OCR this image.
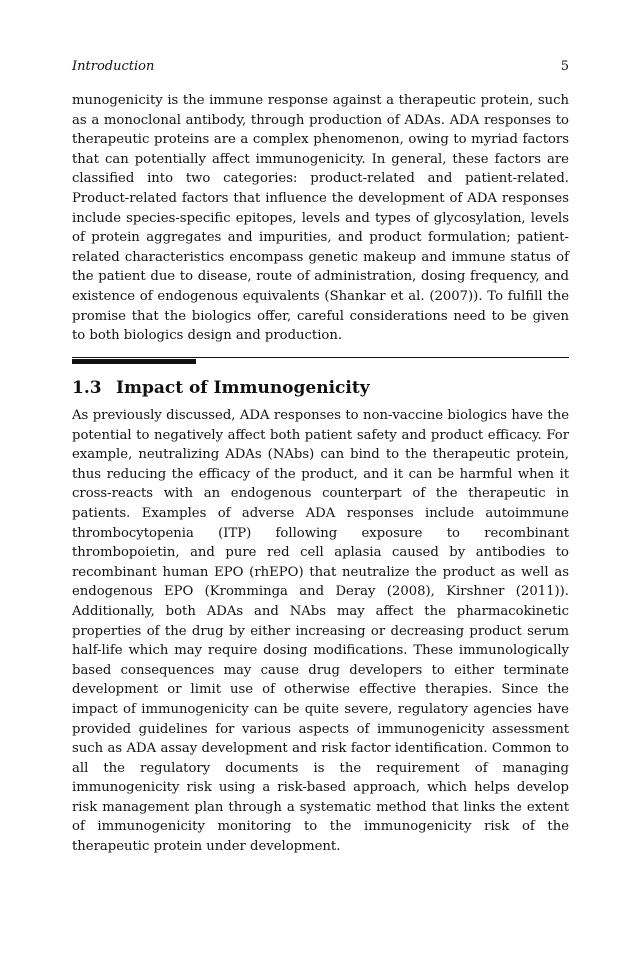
Introduction	5

munogenicity is the immune response against a therapeutic protein, such as a monoclonal antibody, through production of ADAs. ADA responses to therapeutic proteins are a complex phenomenon, owing to myriad factors that can potentially affect immunogenicity. In general, these factors are classified into two categories: product-related and patient-related. Product-related factors that influence the development of ADA responses include species-specific epitopes, levels and types of glycosylation, levels of protein aggregates and impurities, and product formulation; patient-related characteristics encompass genetic makeup and immune status of the patient due to disease, route of administration, dosing frequency, and existence of endogenous equivalents (Shankar et al. (2007)). To fulfill the promise that the biologics offer, careful considerations need to be given to both biologics design and production.

1.3 Impact of Immunogenicity

As previously discussed, ADA responses to non-vaccine biologics have the potential to negatively affect both patient safety and product efficacy. For example, neutralizing ADAs (NAbs) can bind to the therapeutic protein, thus reducing the efficacy of the product, and it can be harmful when it cross-reacts with an endogenous counterpart of the therapeutic in patients. Examples of adverse ADA responses include autoimmune thrombocytopenia (ITP) following exposure to recombinant thrombopoietin, and pure red cell aplasia caused by antibodies to recombinant human EPO (rhEPO) that neutralize the product as well as endogenous EPO (Kromminga and Deray (2008), Kirshner (2011)). Additionally, both ADAs and NAbs may affect the pharmacokinetic properties of the drug by either increasing or decreasing product serum half-life which may require dosing modifications. These immunologically based consequences may cause drug developers to either terminate development or limit use of otherwise effective therapies. Since the impact of immunogenicity can be quite severe, regulatory agencies have provided guidelines for various aspects of immunogenicity assessment such as ADA assay development and risk factor identification. Common to all the regulatory documents is the requirement of managing immunogenicity risk using a risk-based approach, which helps develop risk management plan through a systematic method that links the extent of immunogenicity monitoring to the immunogenicity risk of the therapeutic protein under development.
